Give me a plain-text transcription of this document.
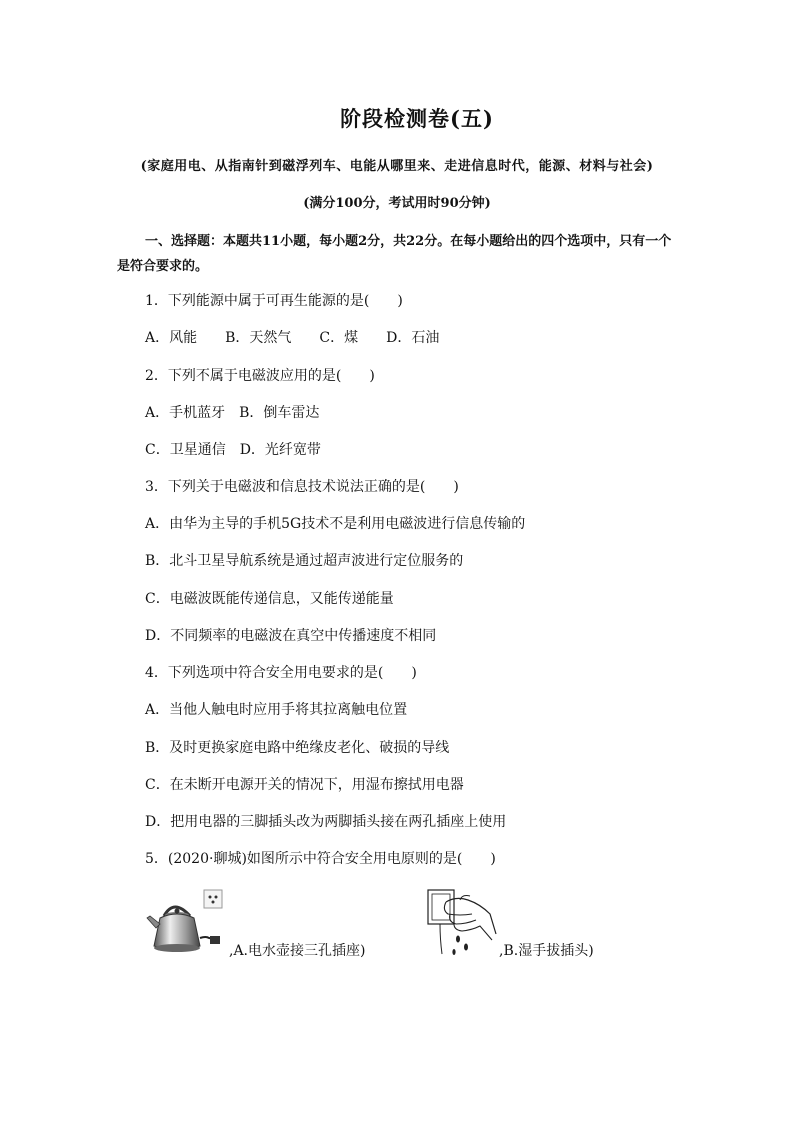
阶段检测卷(五)
(家庭用电、从指南针到磁浮列车、电能从哪里来、走进信息时代，能源、材料与社会)
(满分100分，考试用时90分钟)
一、选择题：本题共11小题，每小题2分，共22分。在每小题给出的四个选项中，只有一个是符合要求的。
1．下列能源中属于可再生能源的是(　　)
A．风能　　B．天然气　　C．煤　　D．石油
2．下列不属于电磁波应用的是(　　)
A．手机蓝牙　B．倒车雷达
C．卫星通信　D．光纤宽带
3．下列关于电磁波和信息技术说法正确的是(　　)
A．由华为主导的手机5G技术不是利用电磁波进行信息传输的
B．北斗卫星导航系统是通过超声波进行定位服务的
C．电磁波既能传递信息，又能传递能量
D．不同频率的电磁波在真空中传播速度不相同
4．下列选项中符合安全用电要求的是(　　)
A．当他人触电时应用手将其拉离触电位置
B．及时更换家庭电路中绝缘皮老化、破损的导线
C．在未断开电源开关的情况下，用湿布擦拭用电器
D．把用电器的三脚插头改为两脚插头接在两孔插座上使用
5．(2020·聊城)如图所示中符合安全用电原则的是(　　)
,A.电水壶接三孔插座)	,B.湿手拔插头)
